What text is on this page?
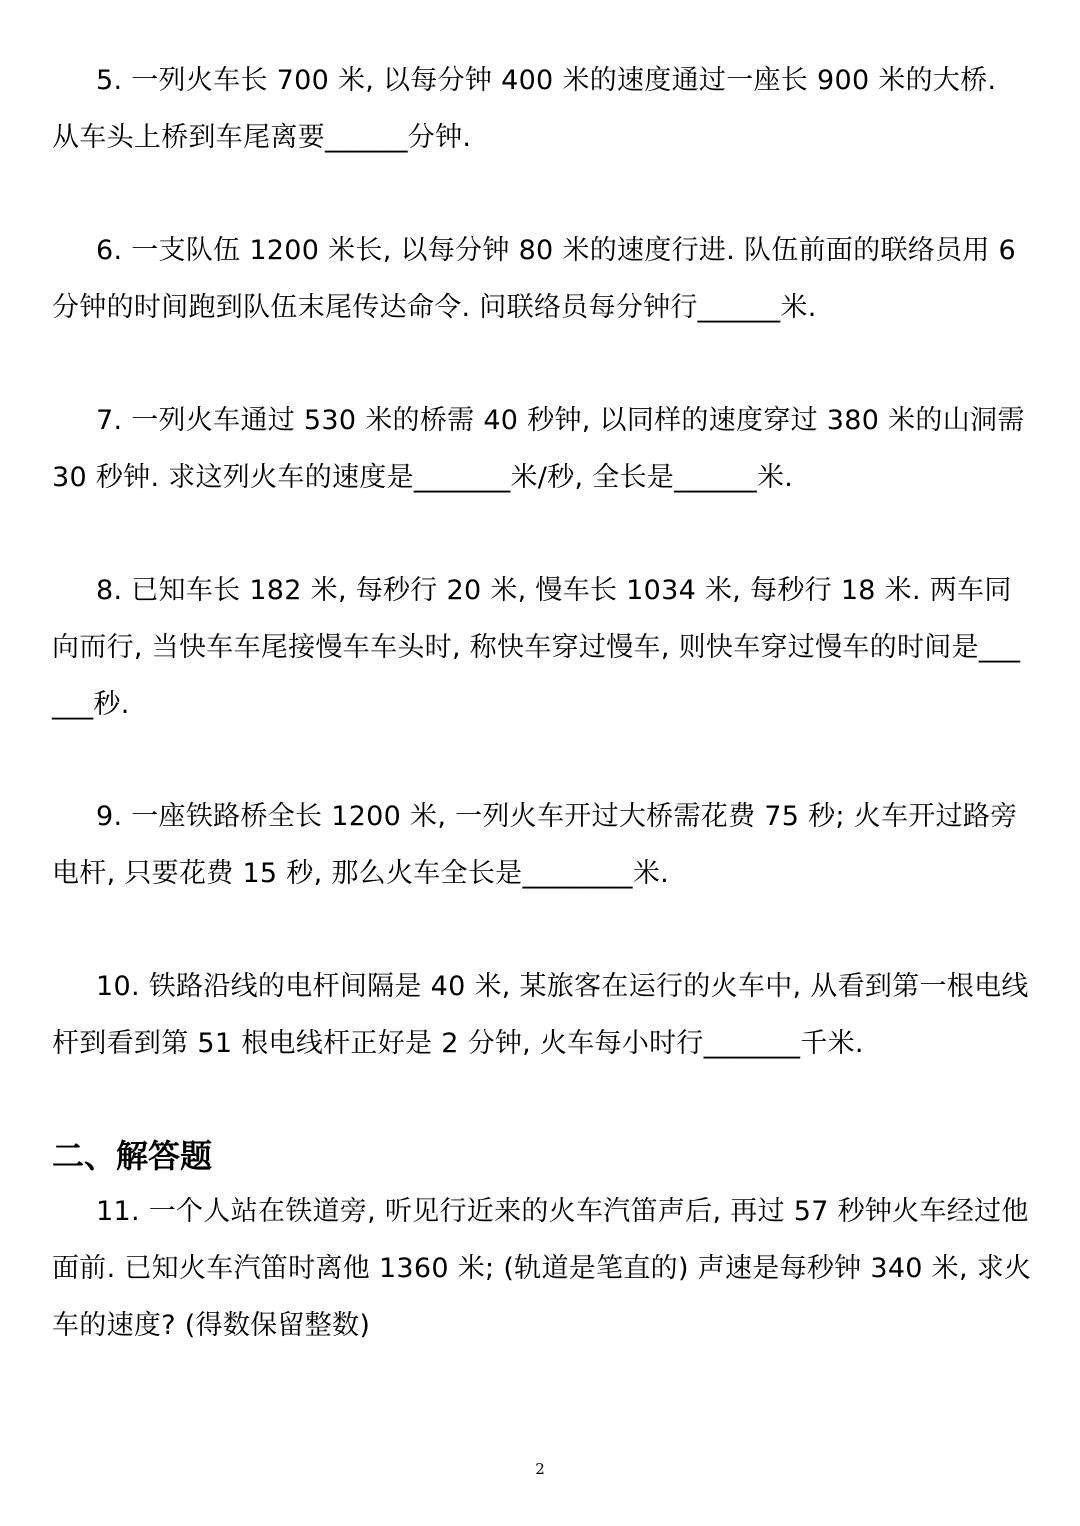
5. 一列火车长 700 米, 以每分钟 400 米的速度通过一座长 900 米的大桥. 从车头上桥到车尾离要______分钟.

6. 一支队伍 1200 米长, 以每分钟 80 米的速度行进. 队伍前面的联络员用 6 分钟的时间跑到队伍末尾传达命令. 问联络员每分钟行______米.

7. 一列火车通过 530 米的桥需 40 秒钟, 以同样的速度穿过 380 米的山洞需 30 秒钟. 求这列火车的速度是_______米/秒, 全长是______米.

8. 已知车长 182 米, 每秒行 20 米, 慢车长 1034 米, 每秒行 18 米. 两车同向而行, 当快车车尾接慢车车头时, 称快车穿过慢车, 则快车穿过慢车的时间是______秒.

9. 一座铁路桥全长 1200 米, 一列火车开过大桥需花费 75 秒; 火车开过路旁电杆, 只要花费 15 秒, 那么火车全长是________米.

10. 铁路沿线的电杆间隔是 40 米, 某旅客在运行的火车中, 从看到第一根电线杆到看到第 51 根电线杆正好是 2 分钟, 火车每小时行_______千米.

二、解答题

11. 一个人站在铁道旁, 听见行近来的火车汽笛声后, 再过 57 秒钟火车经过他面前. 已知火车汽笛时离他 1360 米; (轨道是笔直的) 声速是每秒钟 340 米, 求火车的速度? (得数保留整数)

2
